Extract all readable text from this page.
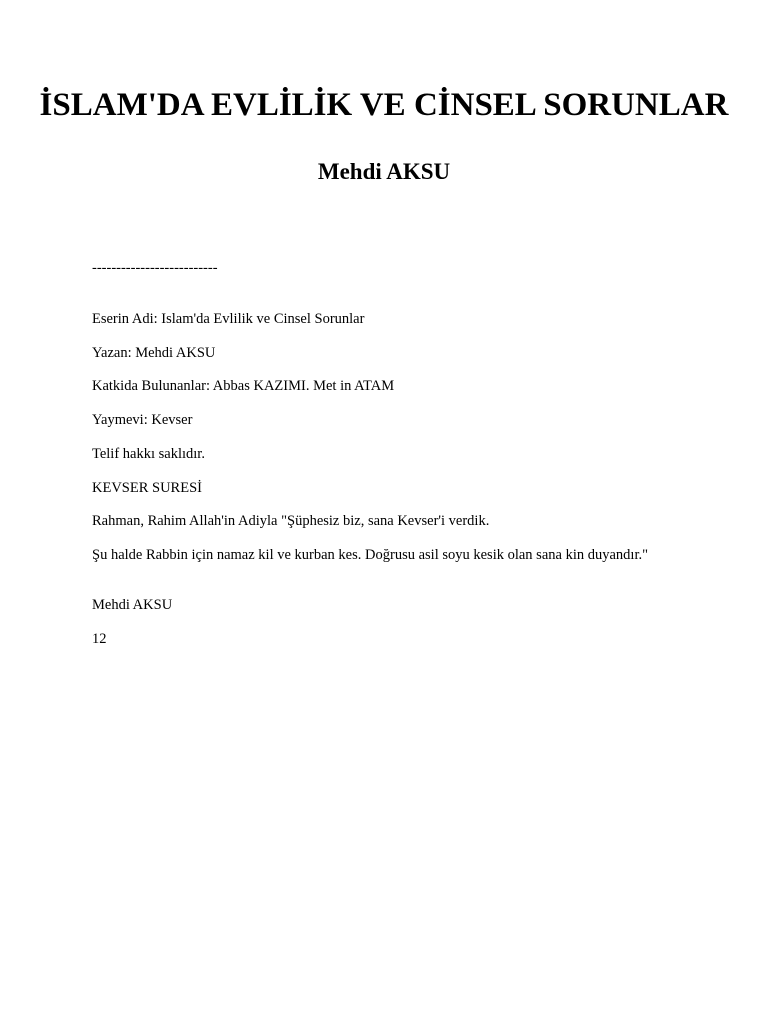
İSLAM'DA EVLİLİK VE CİNSEL SORUNLAR
Mehdi AKSU

--------------------------

Eserin Adi: Islam'da Evlilik ve Cinsel Sorunlar

Yazan: Mehdi AKSU

Katkida Bulunanlar: Abbas KAZIMI. Met in ATAM

Yaymevi: Kevser

Telif hakkı saklıdır.

KEVSER SURESİ

Rahman, Rahim Allah'in Adiyla "Şüphesiz biz, sana Kevser'i verdik.

Şu halde Rabbin için namaz kil ve kurban kes. Doğrusu asil soyu kesik olan sana kin duyandır."

Mehdi AKSU

12
